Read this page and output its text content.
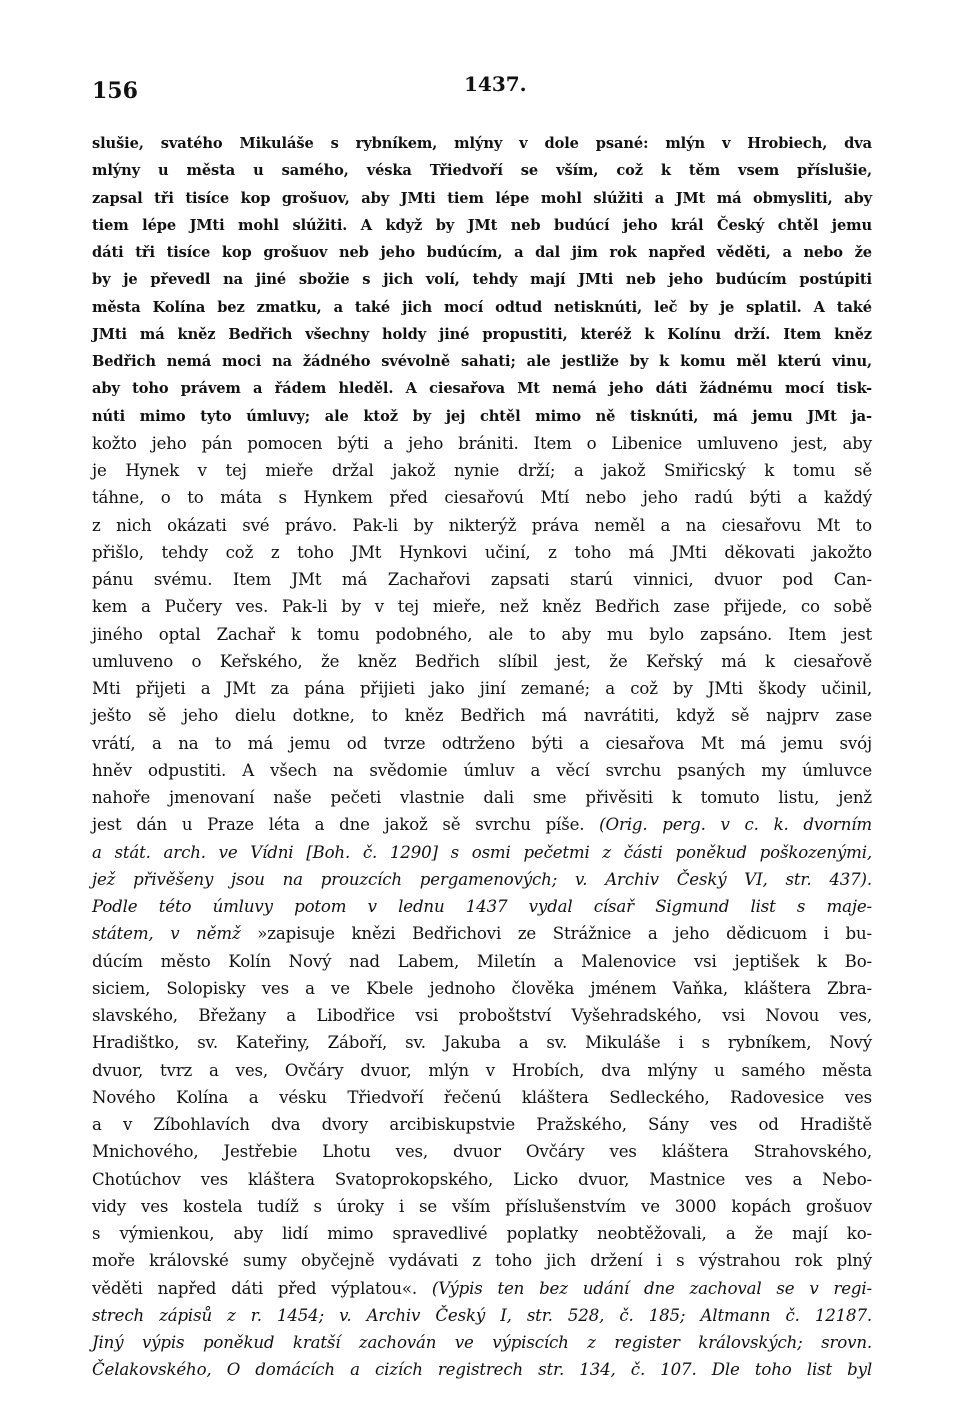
156	1437.
slušie, svatého Mikuláše s rybníkem, mlýny v dole psané: mlýn v Hrobiech, dva
mlýny u města u samého, véska Třiedvoří se vším, což k těm vsem příslušie,
zapsal tři tisíce kop grošuov, aby JMti tiem lépe mohl slúžiti a JMt má obmysliti, aby
tiem lépe JMti mohl slúžiti. A když by JMt neb budúcí jeho král Český chtěl jemu
dáti tři tisíce kop grošuov neb jeho budúcím, a dal jim rok napřed věděti, a nebo že
by je převedl na jiné sbožie s jich volí, tehdy mají JMti neb jeho budúcím postúpiti
města Kolína bez zmatku, a také jich mocí odtud netisknúti, leč by je splatil. A také
JMti má kněz Bedřich všechny holdy jiné propustiti, kteréž k Kolínu drží. Item kněz
Bedřich nemá moci na žádného svévolně sahati; ale jestliže by k komu měl kterú vinu,
aby toho právem a řádem hleděl. A ciesařova Mt nemá jeho dáti žádnému mocí tisk-
núti mimo tyto úmluvy; ale ktož by jej chtěl mimo ně tisknúti, má jemu JMt ja-
kožto jeho pán pomocen býti a jeho brániti. Item o Libenice umluveno jest, aby
je Hynek v tej mieře držal jakož nynie drží; a jakož Smiřicský k tomu sě
táhne, o to máta s Hynkem před ciesařovú Mtí nebo jeho radú býti a každý
z nich okázati své právo. Pak-li by nikterýž práva neměl a na ciesařovu Mt to
přišlo, tehdy což z toho JMt Hynkovi učiní, z toho má JMti děkovati jakožto
pánu svému. Item JMt má Zachařovi zapsati starú vinnici, dvuor pod Can-
kem a Pučery ves. Pak-li by v tej mieře, než kněz Bedřich zase přijede, co sobě
jiného optal Zachař k tomu podobného, ale to aby mu bylo zapsáno. Item jest
umluveno o Keřského, že kněz Bedřich slíbil jest, že Keřský má k ciesařově
Mti přijeti a JMt za pána přijieti jako jiní zemané; a což by JMti škody učinil,
ješto sě jeho dielu dotkne, to kněz Bedřich má navrátiti, když sě najprv zase
vrátí, a na to má jemu od tvrze odtrženo býti a ciesařova Mt má jemu svój
hněv odpustiti. A všech na svědomie úmluv a věcí svrchu psaných my úmluvce
nahoře jmenovaní naše pečeti vlastnie dali sme přivěsiti k tomuto listu, jenž
jest dán u Praze léta a dne jakož sě svrchu píše. (Orig. perg. v c. k. dvorním
a stát. arch. ve Vídni [Boh. č. 1290] s osmi pečetmi z části poněkud poškozenými,
jež přivěšeny jsou na prouzcích pergamenových; v. Archiv Český VI, str. 437).
Podle této úmluvy potom v lednu 1437 vydal císař Sigmund list s maje-
státem, v němž »zapisuje knězi Bedřichovi ze Strážnice a jeho dědicuom i bu-
dúcím město Kolín Nový nad Labem, Miletín a Malenovice vsi jeptišek k Bo-
siciem, Solopisky ves a ve Kbele jednoho člověka jménem Vaňka, kláštera Zbra-
slavského, Břežany a Libodřice vsi proboštství Vyšehradského, vsi Novou ves,
Hradištko, sv. Kateřiny, Záboří, sv. Jakuba a sv. Mikuláše i s rybníkem, Nový
dvuor, tvrz a ves, Ovčáry dvuor, mlýn v Hrobích, dva mlýny u samého města
Nového Kolína a vésku Třiedvoří řečenú kláštera Sedleckého, Radovesice ves
a v Zíbohlavích dva dvory arcibiskupstvie Pražského, Sány ves od Hradiště
Mnichového, Jestřebie Lhotu ves, dvuor Ovčáry ves kláštera Strahovského,
Chotúchov ves kláštera Svatoprokopského, Licko dvuor, Mastnice ves a Nebo-
vidy ves kostela tudíž s úroky i se vším příslušenstvím ve 3000 kopách grošuov
s výmienkou, aby lidí mimo spravedlivé poplatky neobtěžovali, a že mají ko-
moře královské sumy obyčejně vydávati z toho jich držení i s výstrahou rok plný
věděti napřed dáti před výplatou«. (Výpis ten bez udání dne zachoval se v regi-
strech zápisů z r. 1454; v. Archiv Český I, str. 528, č. 185; Altmann č. 12187.
Jiný výpis poněkud kratší zachován ve výpiscích z register královských; srovn.
Čelakovského, O domácích a cizích registrech str. 134, č. 107. Dle toho list byl
